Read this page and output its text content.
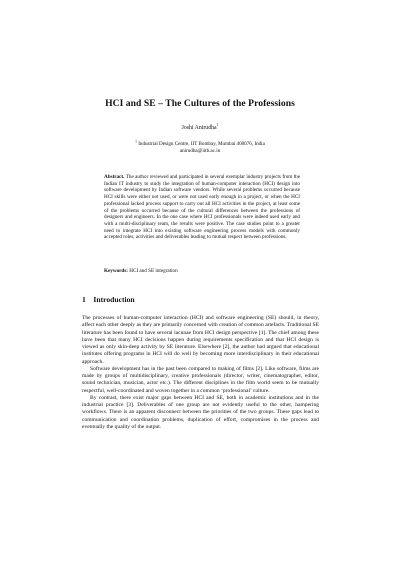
HCI and SE – The Cultures of the Professions
Joshi Anirudha$^1$
$^1$ Industrial Design Centre, IIT Bombay, Mumbai 400076, India
anirudha@iitb.ac.in
Abstract. The author reviewed and participated in several exemplar industry projects from the Indian IT industry to study the integration of human-computer interaction (HCI) design into software development by Indian software vendors. While several problems occurred because HCI skills were either not used, or were not used early enough in a project, or when the HCI professional lacked process support to carry out all HCI activities in the project, at least some of the problems occurred because of the cultural differences between the professions of designers and engineers. In the one case where HCI professionals were indeed used early and with a multi-disciplinary team, the results were positive. The case studies point to a greater need to integrate HCI into existing software engineering process models with commonly accepted roles, activities and deliverables leading to mutual respect between professions.
Keywords: HCI and SE integration
1 Introduction

The processes of human-computer interaction (HCI) and software engineering (SE) should, in theory, affect each other deeply as they are primarily concerned with creation of common artefacts. Traditional SE literature has been found to have several lacunae from HCI design perspective [1]. The chief among these have been that many HCI decisions happen during requirements specification and that HCI design is viewed as only skin-deep activity by SE literature. Elsewhere [2], the author had argued that educational institutes offering programs in HCI will do well by becoming more interdisciplinary in their educational approach.

Software development has in the past been compared to making of films [2]. Like software, films are made by groups of multidisciplinary, creative professionals (director, writer, cinematographer, editor, sound technician, musician, actor etc.). The different disciplines in the film world seem to be mutually respectful, well-coordinated and woven together in a common ‘professional’ culture.

By contrast, there exist major gaps between HCI and SE, both in academic institutions and in the industrial practice [3]. Deliverables of one group are not evidently useful to the other, hampering workflows. There is an apparent disconnect between the priorities of the two groups. These gaps lead to communication and coordination problems, duplication of effort, compromises in the process and eventually the quality of the output.
